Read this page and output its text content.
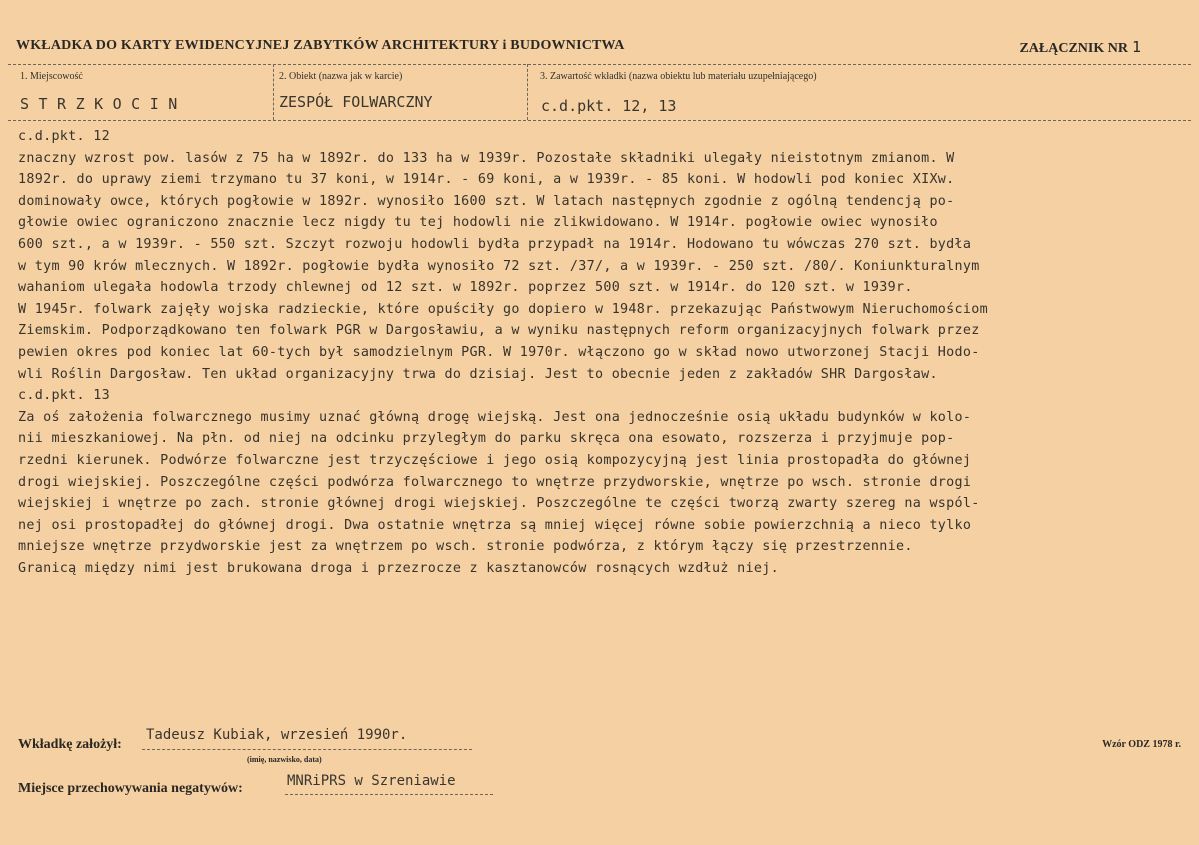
WKŁADKA DO KARTY EWIDENCYJNEJ ZABYTKÓW ARCHITEKTURY i BUDOWNICTWA	ZAŁĄCZNIK NR 1
1. Miejscowość	2. Obiekt (nazwa jak w karcie)	3. Zawartość wkładki (nazwa obiektu lub materiału uzupełniającego)
STRZKOCIN	ZESPÓŁ FOLWARCZNY	c.d.pkt. 12, 13
c.d.pkt. 12
znaczny wzrost pow. lasów z 75 ha w 1892r. do 133 ha w 1939r. Pozostałe składniki ulegały nieistotnym zmianom. W
1892r. do uprawy ziemi trzymano tu 37 koni, w 1914r. - 69 koni, a w 1939r. - 85 koni. W hodowli pod koniec XIXw.
dominowały owce, których pogłowie w 1892r. wynosiło 1600 szt. W latach następnych zgodnie z ogólną tendencją po-
głowie owiec ograniczono znacznie lecz nigdy tu tej hodowli nie zlikwidowano. W 1914r. pogłowie owiec wynosiło
600 szt., a w 1939r. - 550 szt. Szczyt rozwoju hodowli bydła przypadł na 1914r. Hodowano tu wówczas 270 szt. bydła
w tym 90 krów mlecznych. W 1892r. pogłowie bydła wynosiło 72 szt. /37/, a w 1939r. - 250 szt. /80/. Koniunkturalnym
wahaniom ulegała hodowla trzody chlewnej od 12 szt. w 1892r. poprzez 500 szt. w 1914r. do 120 szt. w 1939r.
W 1945r. folwark zajęły wojska radzieckie, które opuściły go dopiero w 1948r. przekazując Państwowym Nieruchomościom
Ziemskim. Podporządkowano ten folwark PGR w Dargosławiu, a w wyniku następnych reform organizacyjnych folwark przez
pewien okres pod koniec lat 60-tych był samodzielnym PGR. W 1970r. włączono go w skład nowo utworzonej Stacji Hodo-
wli Roślin Dargosław. Ten układ organizacyjny trwa do dzisiaj. Jest to obecnie jeden z zakładów SHR Dargosław.
c.d.pkt. 13
Za oś założenia folwarcznego musimy uznać główną drogę wiejską. Jest ona jednocześnie osią układu budynków w kolo-
nii mieszkaniowej. Na płn. od niej na odcinku przyległym do parku skręca ona esowato, rozszerza i przyjmuje pop-
rzedni kierunek. Podwórze folwarczne jest trzyczęściowe i jego osią kompozycyjną jest linia prostopadła do głównej
drogi wiejskiej. Poszczególne części podwórza folwarcznego to wnętrze przydworskie, wnętrze po wsch. stronie drogi
wiejskiej i wnętrze po zach. stronie głównej drogi wiejskiej. Poszczególne te części tworzą zwarty szereg na wspól-
nej osi prostopadłej do głównej drogi. Dwa ostatnie wnętrza są mniej więcej równe sobie powierzchnią a nieco tylko
mniejsze wnętrze przydworskie jest za wnętrzem po wsch. stronie podwórza, z którym łączy się przestrzennie.
Granicą między nimi jest brukowana droga i przezrocze z kasztanowców rosnących wzdłuż niej.
Wkładkę założył:
Tadeusz Kubiak, wrzesień 1990r.
(imię, nazwisko, data)
Miejsce przechowywania negatywów:	MNRiPRS w Szreniawie
Wzór ODZ 1978 r.
